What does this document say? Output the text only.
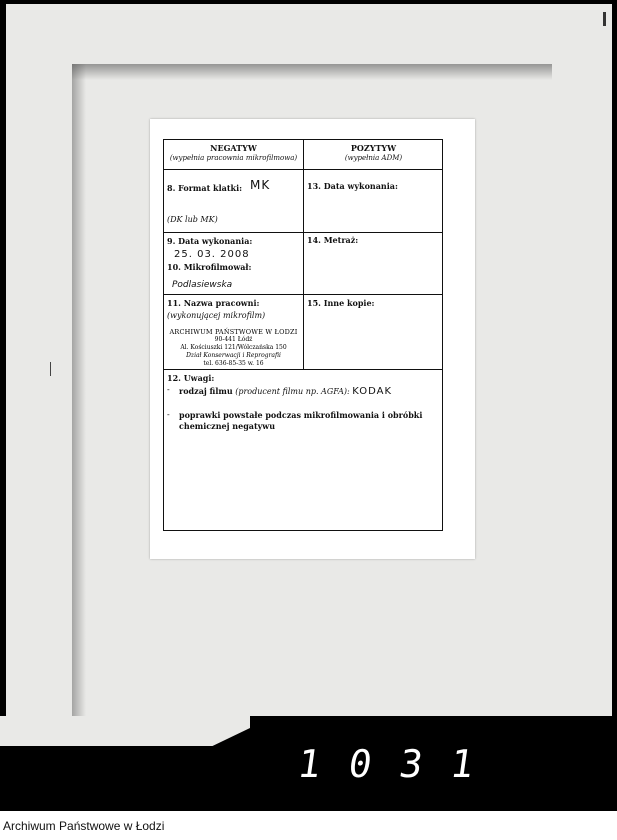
NEGATYW
(wypełnia pracownia mikrofilmowa)
POZYTYW
(wypełnia ADM)
8. Format klatki: MK
(DK lub MK)
13. Data wykonania:
9. Data wykonania:
25. 03. 2008
10. Mikrofilmował:
Podlasiewska
14. Metraż:
11. Nazwa pracowni:
(wykonującej mikrofilm)
ARCHIWUM PAŃSTWOWE W ŁODZI
90-441 Łódź
Al. Kościuszki 121/Wólczańska 150
Dział Konserwacji i Reprografii
tel. 636-85-35 w. 16
15. Inne kopie:
12. Uwagi:
- rodzaj filmu (producent filmu np. AGFA): KODAK
- poprawki powstałe podczas mikrofilmowania i obróbki
chemicznej negatywu
1031
Archiwum Państwowe w Łodzi
